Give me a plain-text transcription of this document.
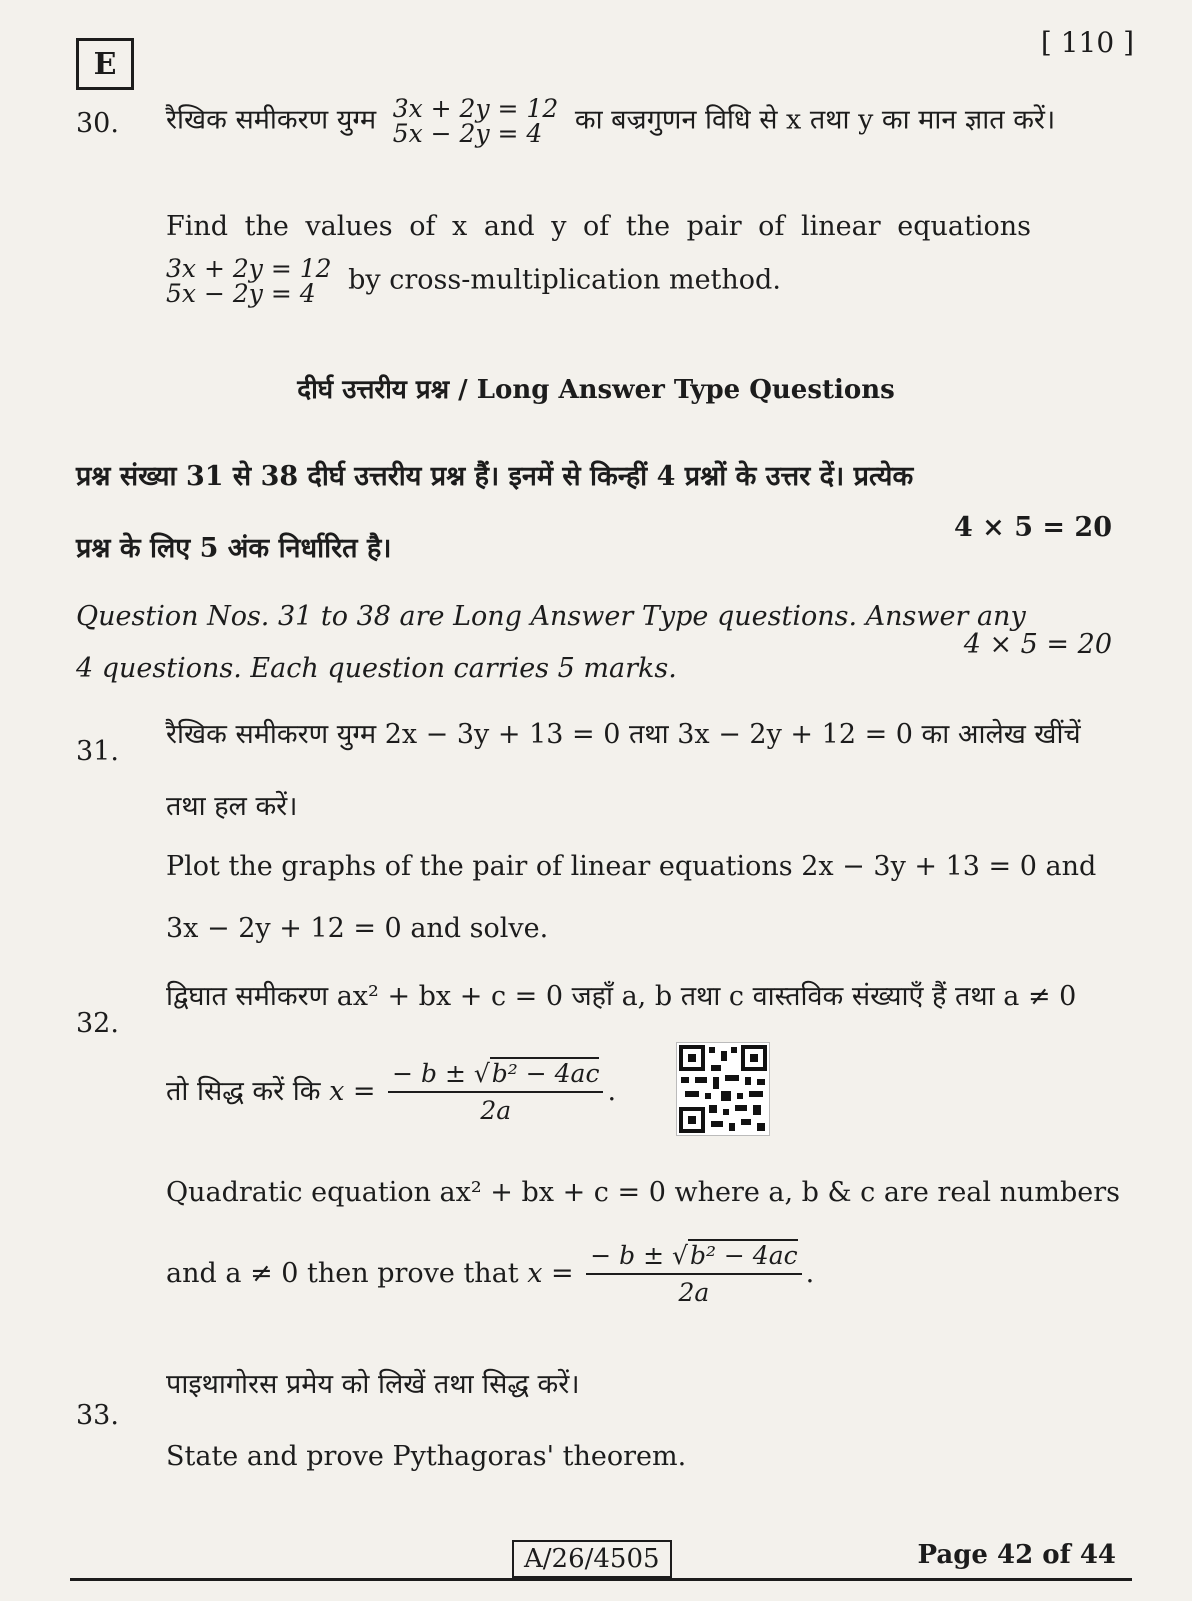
E
[ 110 ]
30. रैखिक समीकरण युग्म 3x + 2y = 12
5x − 2y = 4	का बज्रगुणन विधि से x तथा y का मान ज्ञात करें।
Find the values of x and y of the pair of linear equations
3x + 2y = 12
5x − 2y = 4	by cross-multiplication method.
दीर्घ उत्तरीय प्रश्न / Long Answer Type Questions
प्रश्न संख्या 31 से 38 दीर्घ उत्तरीय प्रश्न हैं। इनमें से किन्हीं 4 प्रश्नों के उत्तर दें। प्रत्येक
प्रश्न के लिए 5 अंक निर्धारित है।
4 × 5 = 20
Question Nos. 31 to 38 are Long Answer Type questions. Answer any
4 questions. Each question carries 5 marks.
4 × 5 = 20
31.
रैखिक समीकरण युग्म 2x − 3y + 13 = 0 तथा 3x − 2y + 12 = 0 का आलेख खींचें
तथा हल करें।
Plot the graphs of the pair of linear equations 2x − 3y + 13 = 0 and
3x − 2y + 12 = 0 and solve.
32.
द्विघात समीकरण ax² + bx + c = 0 जहाँ a, b तथा c वास्तविक संख्याएँ हैं तथा a ≠ 0
तो सिद्ध करें कि $x = \frac{\text{− b ± √b² − 4ac}}{2a}$ .
Quadratic equation ax² + bx + c = 0 where a, b & c are real numbers
and a ≠ 0 then prove that $x = \frac{\text{− b ± √b² − 4ac}}{2a}$ .
33.
पाइथागोरस प्रमेय को लिखें तथा सिद्ध करें।
State and prove Pythagoras' theorem.
A/26/4505	Page 42 of 44
